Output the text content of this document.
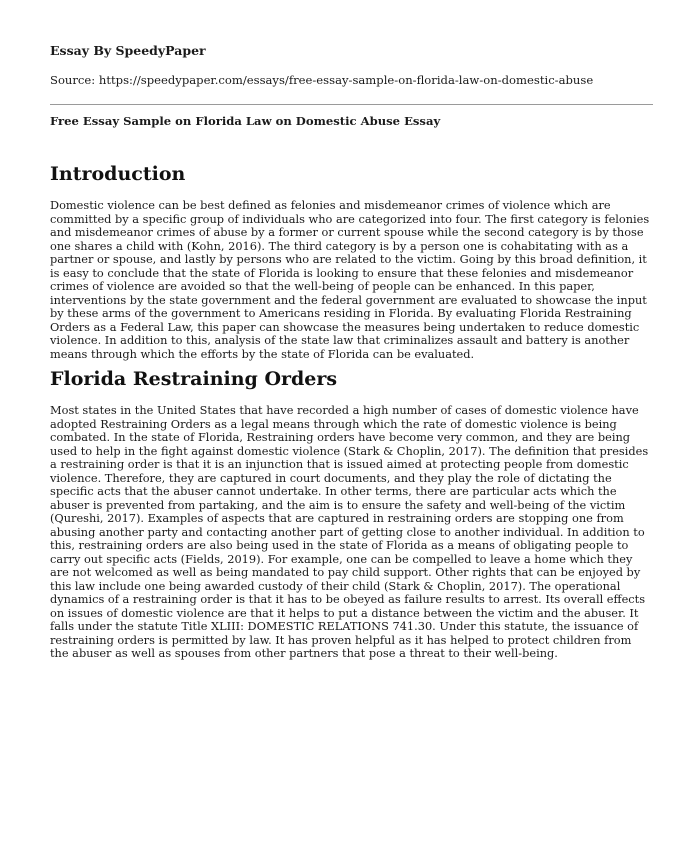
Essay By SpeedyPaper
Source: https://speedypaper.com/essays/free-essay-sample-on-florida-law-on-domestic-abuse
Free Essay Sample on Florida Law on Domestic Abuse Essay
Introduction

Domestic violence can be best defined as felonies and misdemeanor crimes of violence which are committed by a specific group of individuals who are categorized into four. The first category is felonies and misdemeanor crimes of abuse by a former or current spouse while the second category is by those one shares a child with (Kohn, 2016). The third category is by a person one is cohabitating with as a partner or spouse, and lastly by persons who are related to the victim. Going by this broad definition, it is easy to conclude that the state of Florida is looking to ensure that these felonies and misdemeanor crimes of violence are avoided so that the well-being of people can be enhanced. In this paper, interventions by the state government and the federal government are evaluated to showcase the input by these arms of the government to Americans residing in Florida. By evaluating Florida Restraining Orders as a Federal Law, this paper can showcase the measures being undertaken to reduce domestic violence. In addition to this, analysis of the state law that criminalizes assault and battery is another means through which the efforts by the state of Florida can be evaluated.

Florida Restraining Orders

Most states in the United States that have recorded a high number of cases of domestic violence have adopted Restraining Orders as a legal means through which the rate of domestic violence is being combated. In the state of Florida, Restraining orders have become very common, and they are being used to help in the fight against domestic violence (Stark & Choplin, 2017). The definition that presides a restraining order is that it is an injunction that is issued aimed at protecting people from domestic violence. Therefore, they are captured in court documents, and they play the role of dictating the specific acts that the abuser cannot undertake. In other terms, there are particular acts which the abuser is prevented from partaking, and the aim is to ensure the safety and well-being of the victim (Qureshi, 2017). Examples of aspects that are captured in restraining orders are stopping one from abusing another party and contacting another part of getting close to another individual. In addition to this, restraining orders are also being used in the state of Florida as a means of obligating people to carry out specific acts (Fields, 2019). For example, one can be compelled to leave a home which they are not welcomed as well as being mandated to pay child support. Other rights that can be enjoyed by this law include one being awarded custody of their child (Stark & Choplin, 2017). The operational dynamics of a restraining order is that it has to be obeyed as failure results to arrest. Its overall effects on issues of domestic violence are that it helps to put a distance between the victim and the abuser. It falls under the statute Title XLIII: DOMESTIC RELATIONS 741.30. Under this statute, the issuance of restraining orders is permitted by law. It has proven helpful as it has helped to protect children from the abuser as well as spouses from other partners that pose a threat to their well-being.
